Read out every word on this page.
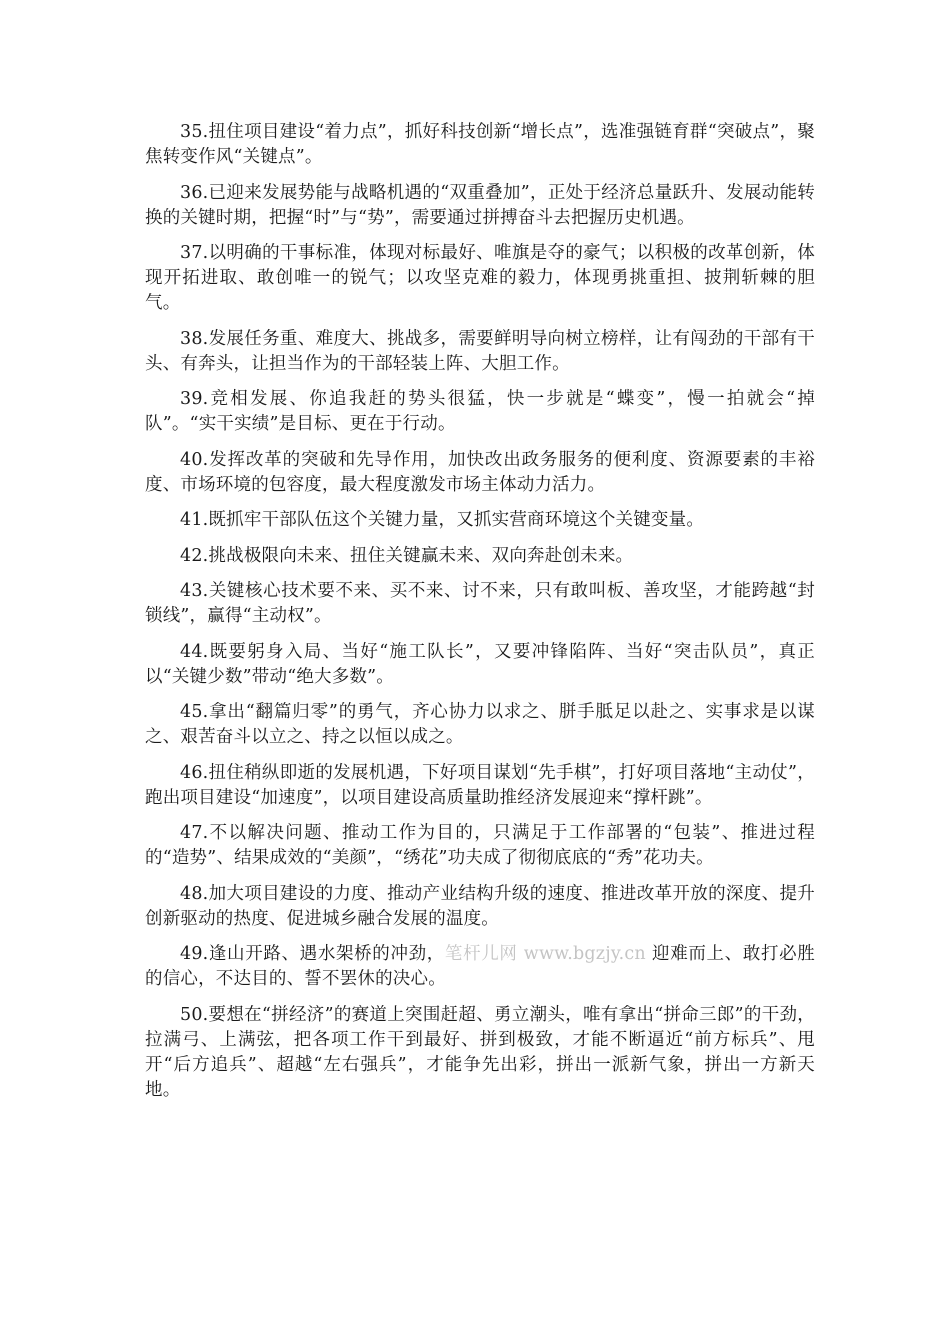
35.扭住项目建设“着力点”，抓好科技创新“增长点”，选准强链育群“突破点”，聚焦转变作风“关键点”。

36.已迎来发展势能与战略机遇的“双重叠加”，正处于经济总量跃升、发展动能转换的关键时期，把握“时”与“势”，需要通过拼搏奋斗去把握历史机遇。

37.以明确的干事标准，体现对标最好、唯旗是夺的豪气；以积极的改革创新，体现开拓进取、敢创唯一的锐气；以攻坚克难的毅力，体现勇挑重担、披荆斩棘的胆气。

38.发展任务重、难度大、挑战多，需要鲜明导向树立榜样，让有闯劲的干部有干头、有奔头，让担当作为的干部轻装上阵、大胆工作。

39.竞相发展、你追我赶的势头很猛，快一步就是“蝶变”，慢一拍就会“掉队”。“实干实绩”是目标、更在于行动。

40.发挥改革的突破和先导作用，加快改出政务服务的便利度、资源要素的丰裕度、市场环境的包容度，最大程度激发市场主体动力活力。

41.既抓牢干部队伍这个关键力量，又抓实营商环境这个关键变量。

42.挑战极限向未来、扭住关键赢未来、双向奔赴创未来。

43.关键核心技术要不来、买不来、讨不来，只有敢叫板、善攻坚，才能跨越“封锁线”，赢得“主动权”。

44.既要躬身入局、当好“施工队长”，又要冲锋陷阵、当好“突击队员”，真正以“关键少数”带动“绝大多数”。

45.拿出“翻篇归零”的勇气，齐心协力以求之、胼手胝足以赴之、实事求是以谋之、艰苦奋斗以立之、持之以恒以成之。

46.扭住稍纵即逝的发展机遇，下好项目谋划“先手棋”，打好项目落地“主动仗”，跑出项目建设“加速度”，以项目建设高质量助推经济发展迎来“撑杆跳”。

47.不以解决问题、推动工作为目的，只满足于工作部署的“包装”、推进过程的“造势”、结果成效的“美颜”，“绣花”功夫成了彻彻底底的“秀”花功夫。

48.加大项目建设的力度、推动产业结构升级的速度、推进改革开放的深度、提升创新驱动的热度、促进城乡融合发展的温度。

49.逢山开路、遇水架桥的冲劲，笔杆儿网 www.bgzjy.cn 迎难而上、敢打必胜的信心，不达目的、誓不罢休的决心。

50.要想在“拼经济”的赛道上突围赶超、勇立潮头，唯有拿出“拼命三郎”的干劲，拉满弓、上满弦，把各项工作干到最好、拼到极致，才能不断逼近“前方标兵”、甩开“后方追兵”、超越“左右强兵”，才能争先出彩，拼出一派新气象，拼出一方新天地。
